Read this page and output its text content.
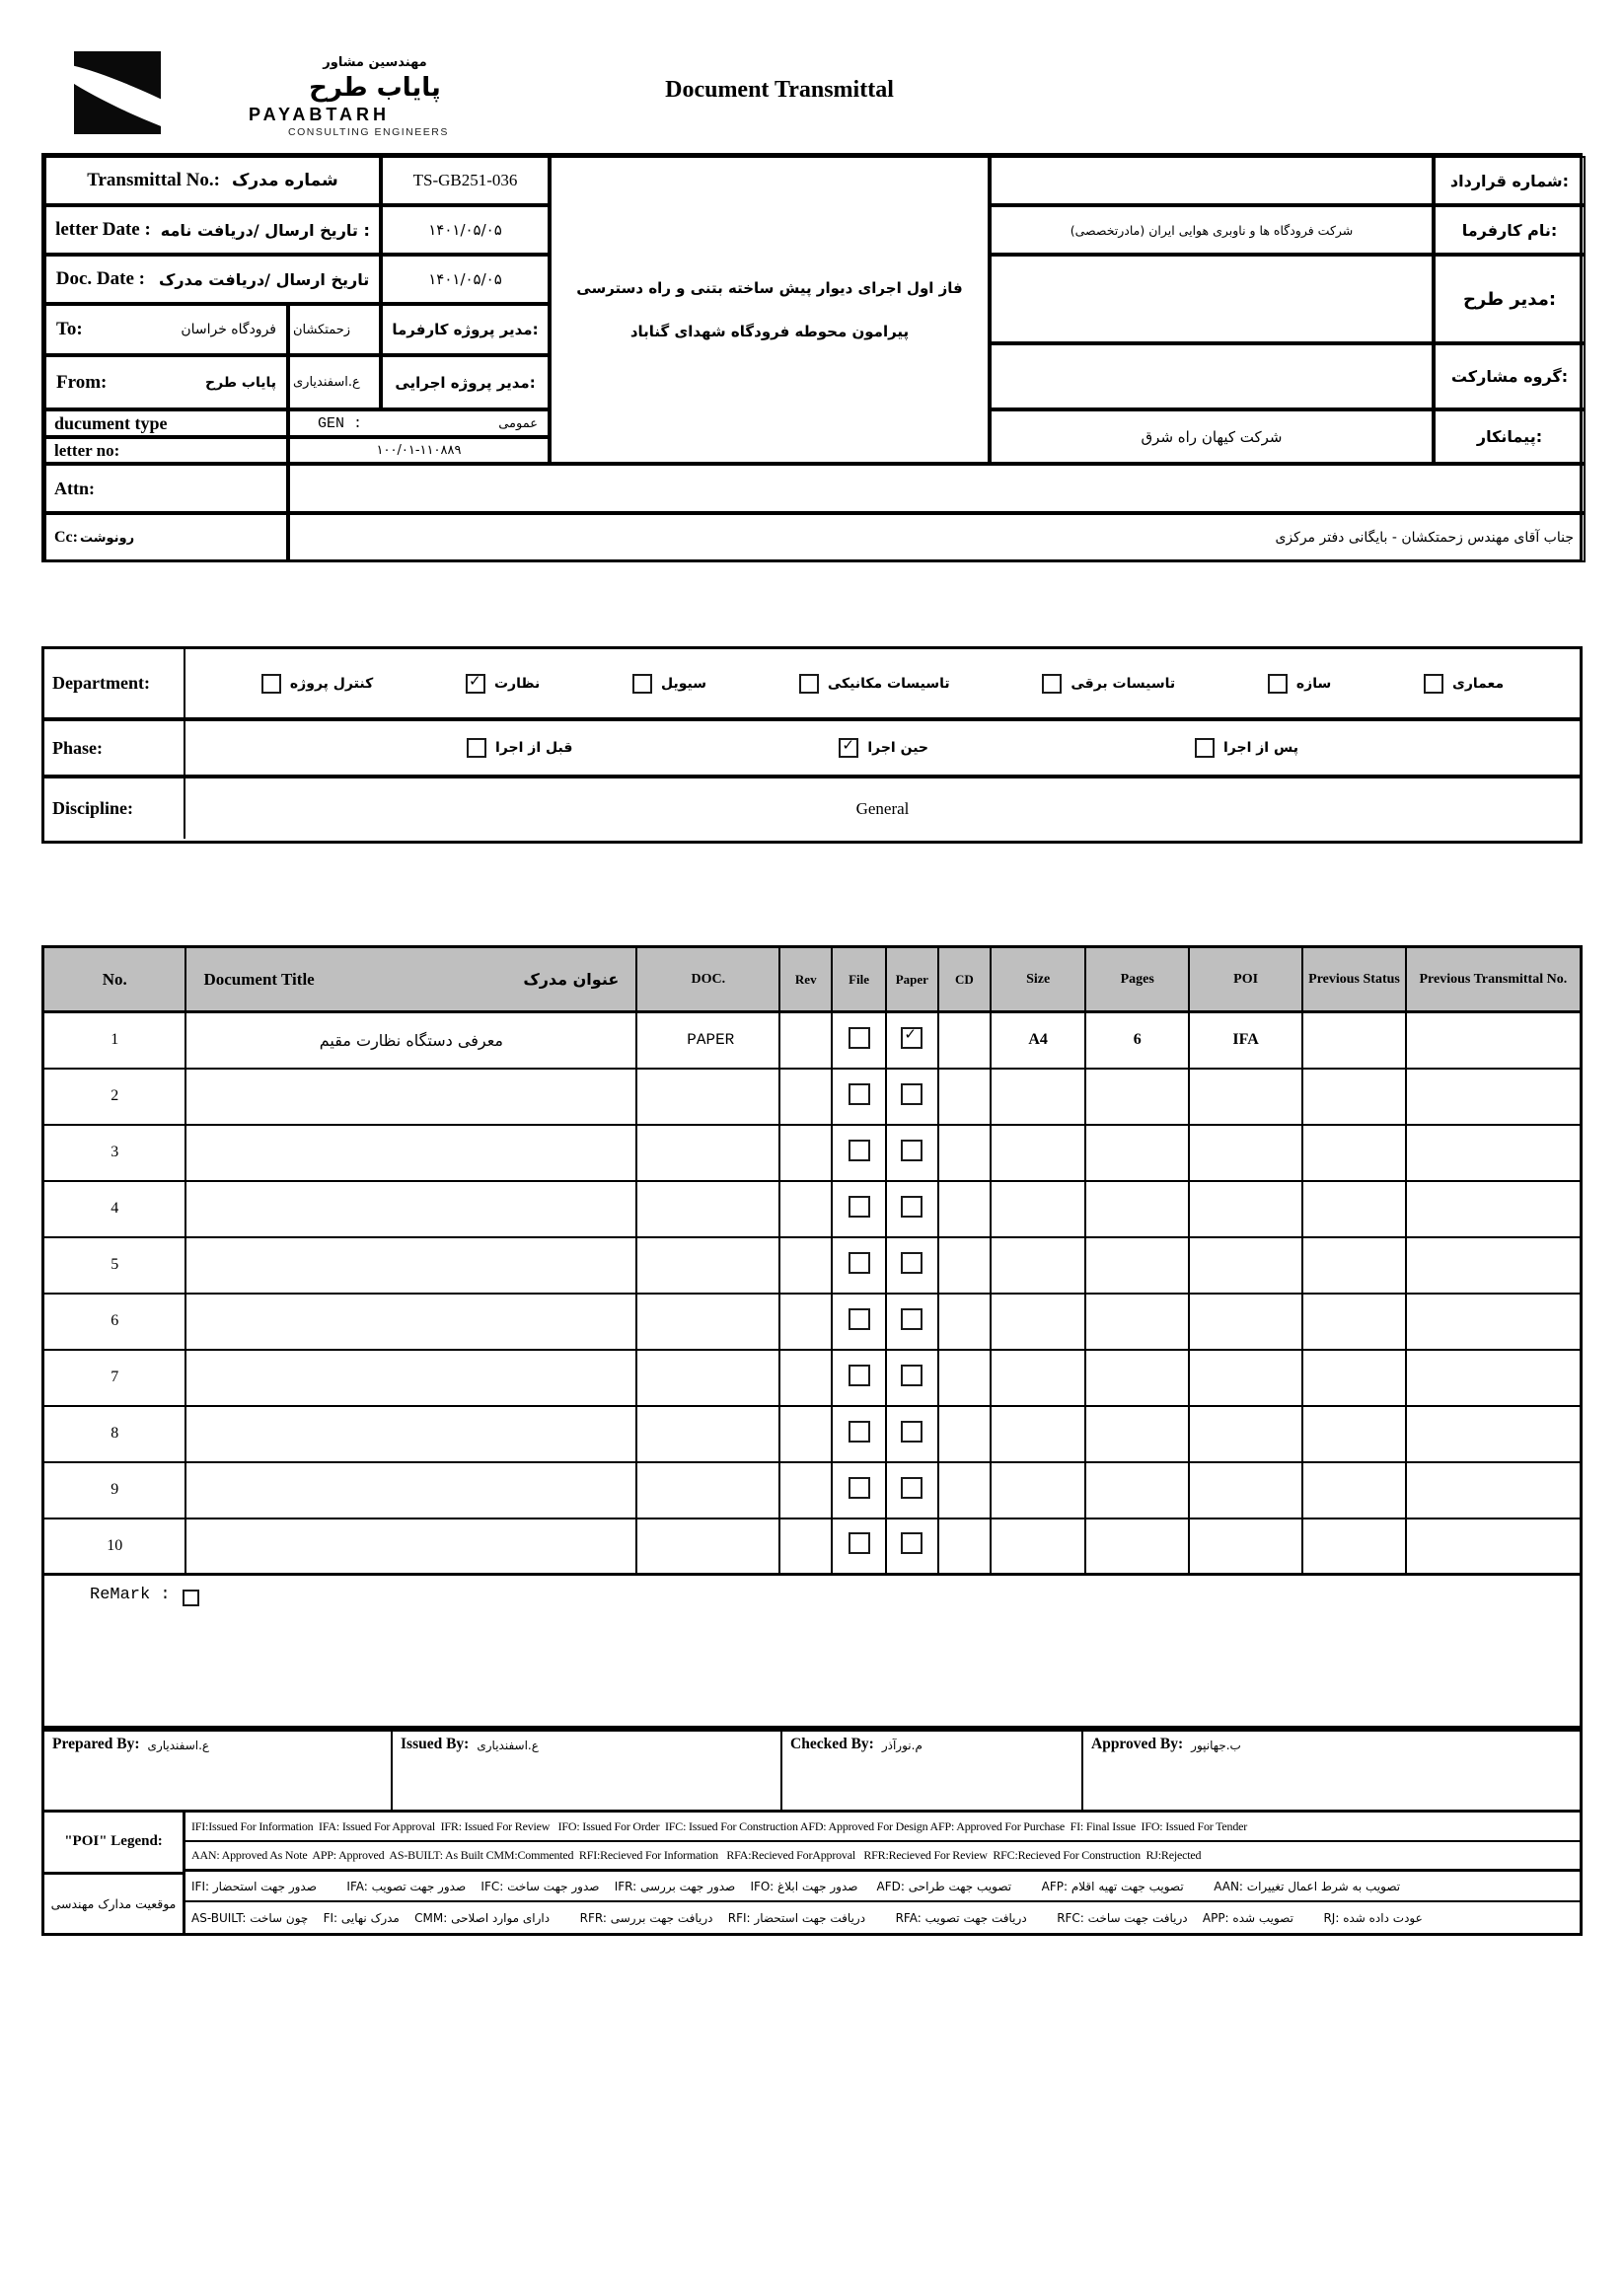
مهندسین مشاور
پایاب طرح
PAYABTARH
CONSULTING ENGINEERS
Document Transmittal
Transmittal No.: شماره مدرک	TS-GB251-036
letter Date : تاریخ ارسال /دریافت نامه :	۱۴۰۱/۰۵/۰۵
Doc. Date : تاریخ ارسال /دریافت مدرک	۱۴۰۱/۰۵/۰۵
To:	فرودگاه خراسان	زحمتکشان	مدیر پروژه کارفرما:
From:	پایاب طرح	ع.اسفندیاری	مدیر پروژه اجرایی:
ducument type	GEN :	عمومی
letter no:	۱۰۰/۰۱-۱۱۰۸۸۹
Attn:
Cc: رونوشت	جناب آقای مهندس زحمتکشان - بایگانی دفتر مرکزی
فاز اول اجرای دیوار پیش ساخته بتنی و راه دسترسی
پیرامون محوطه فرودگاه شهدای گناباد
شماره قرارداد:
شرکت فرودگاه ها و ناوبری هوایی ایران (مادرتخصصی)	نام کارفرما:
مدیر طرح:
گروه مشارکت:
شرکت کیهان راه شرق	پیمانکار:
Department:	معماری
سازه
تاسیسات برقی
تاسیسات مکانیکی
سیویل
نظارت
✓
کنترل پروژه
Phase:	پس از اجرا
حین اجرا
✓
قبل از اجرا
Discipline:	General
No.	Document Title عنوان مدرک	DOC.	Rev	File	Paper	CD	Size	Pages	POI	Previous Status	Previous Transmittal No.
1	معرفی دستگاه نظارت مقیم	PAPER			✓		A4	6	IFA		
2											
3											
4											
5											
6											
7											
8											
9											
10											
ReMark :
Prepared By: ع.اسفندیاری	Issued By: ع.اسفندیاری	Checked By: م.نورآذر	Approved By: ب.جهانپور
"POI" Legend:
موقعیت مدارک مهندسی
IFI:Issued For Information  IFA: Issued For Approval  IFR: Issued For Review   IFO: Issued For Order  IFC: Issued For Construction AFD: Approved For Design AFP: Approved For Purchase  FI: Final Issue  IFO: Issued For Tender
AAN: Approved As Note  APP: Approved  AS-BUILT: As Built CMM:Commented  RFI:Recieved For Information   RFA:Recieved ForApproval   RFR:Recieved For Review  RFC:Recieved For Construction  RJ:Rejected
IFI: صدور جهت استحضار        IFA: صدور جهت تصویب    IFC: صدور جهت ساخت    IFR: صدور جهت بررسی    IFO: صدور جهت ابلاغ     AFD: تصویب جهت طراحی        AFP: تصویب جهت تهیه اقلام        AAN: تصویب به شرط اعمال تغییرات
AS-BUILT: چون ساخت    FI: مدرک نهایی    CMM: دارای موارد اصلاحی        RFR: دریافت جهت بررسی    RFI: دریافت جهت استحضار        RFA: دریافت جهت تصویب        RFC: دریافت جهت ساخت    APP: تصویب شده        RJ: عودت داده شده
